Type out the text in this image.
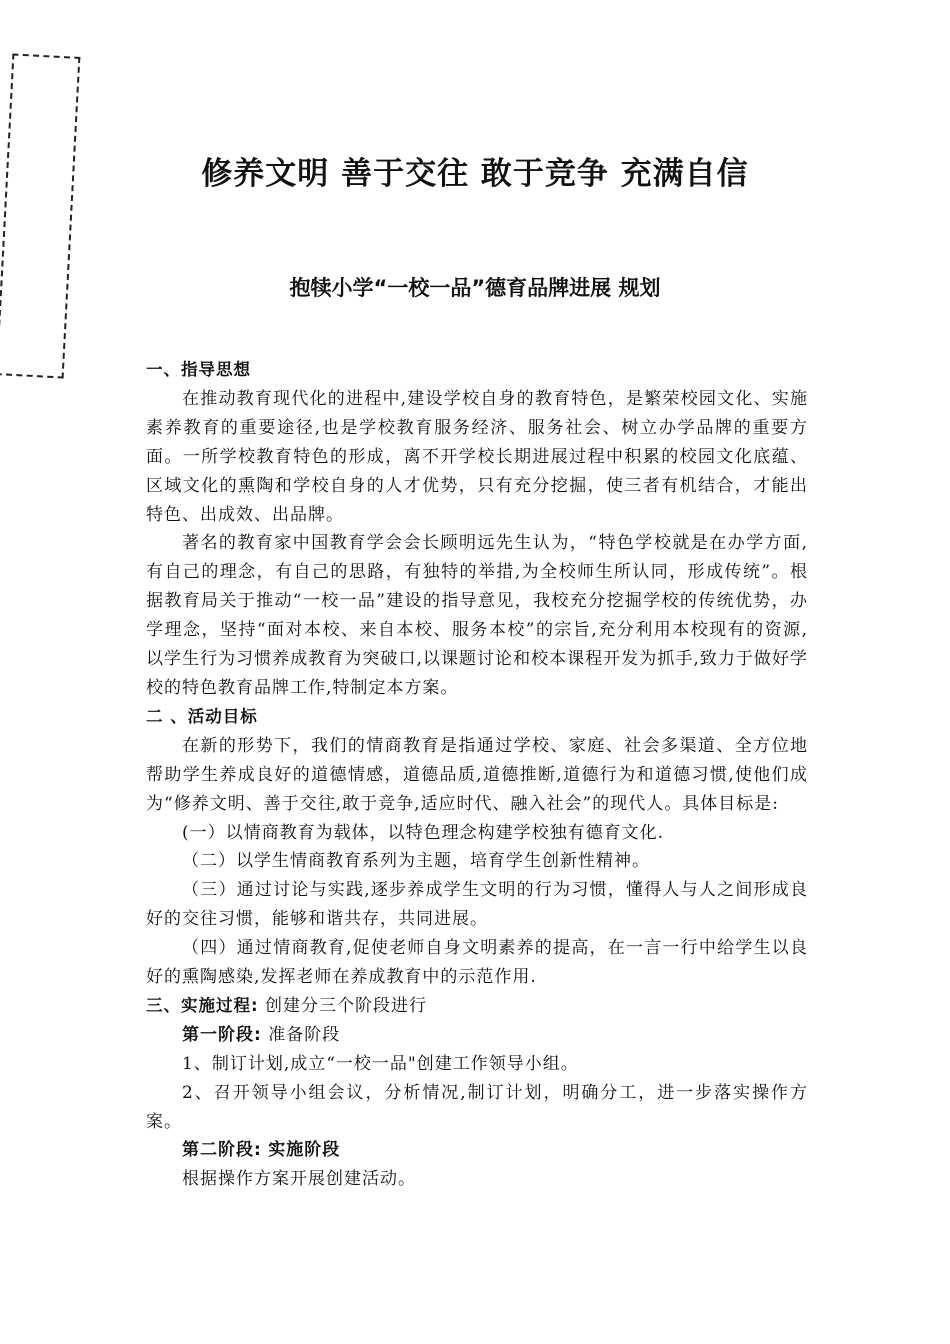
修养文明 善于交往 敢于竞争 充满自信
抱犊小学“一校一品”德育品牌进展 规划

一、指导思想

在推动教育现代化的进程中,建设学校自身的教育特色，是繁荣校园文化、实施素养教育的重要途径,也是学校教育服务经济、服务社会、树立办学品牌的重要方面。一所学校教育特色的形成，离不开学校长期进展过程中积累的校园文化底蕴、区域文化的熏陶和学校自身的人才优势，只有充分挖掘，使三者有机结合，才能出特色、出成效、出品牌。

著名的教育家中国教育学会会长顾明远先生认为，“特色学校就是在办学方面,有自己的理念，有自己的思路，有独特的举措,为全校师生所认同，形成传统”。根据教育局关于推动“一校一品”建设的指导意见，我校充分挖掘学校的传统优势，办学理念，坚持“面对本校、来自本校、服务本校”的宗旨,充分利用本校现有的资源,以学生行为习惯养成教育为突破口,以课题讨论和校本课程开发为抓手,致力于做好学校的特色教育品牌工作,特制定本方案。

二 、活动目标

在新的形势下，我们的情商教育是指通过学校、家庭、社会多渠道、全方位地帮助学生养成良好的道德情感，道德品质,道德推断,道德行为和道德习惯,使他们成为“修养文明、善于交往,敢于竞争,适应时代、融入社会”的现代人。具体目标是:

(一）以情商教育为载体，以特色理念构建学校独有德育文化.

（二）以学生情商教育系列为主题，培育学生创新性精神。

（三）通过讨论与实践,逐步养成学生文明的行为习惯，懂得人与人之间形成良好的交往习惯，能够和谐共存，共同进展。

（四）通过情商教育,促使老师自身文明素养的提高，在一言一行中给学生以良好的熏陶感染,发挥老师在养成教育中的示范作用.

三、实施过程: 创建分三个阶段进行

第一阶段: 准备阶段

1、制订计划,成立“一校一品"创建工作领导小组。

2、召开领导小组会议，分析情况,制订计划，明确分工，进一步落实操作方案。

第二阶段: 实施阶段

根据操作方案开展创建活动。
